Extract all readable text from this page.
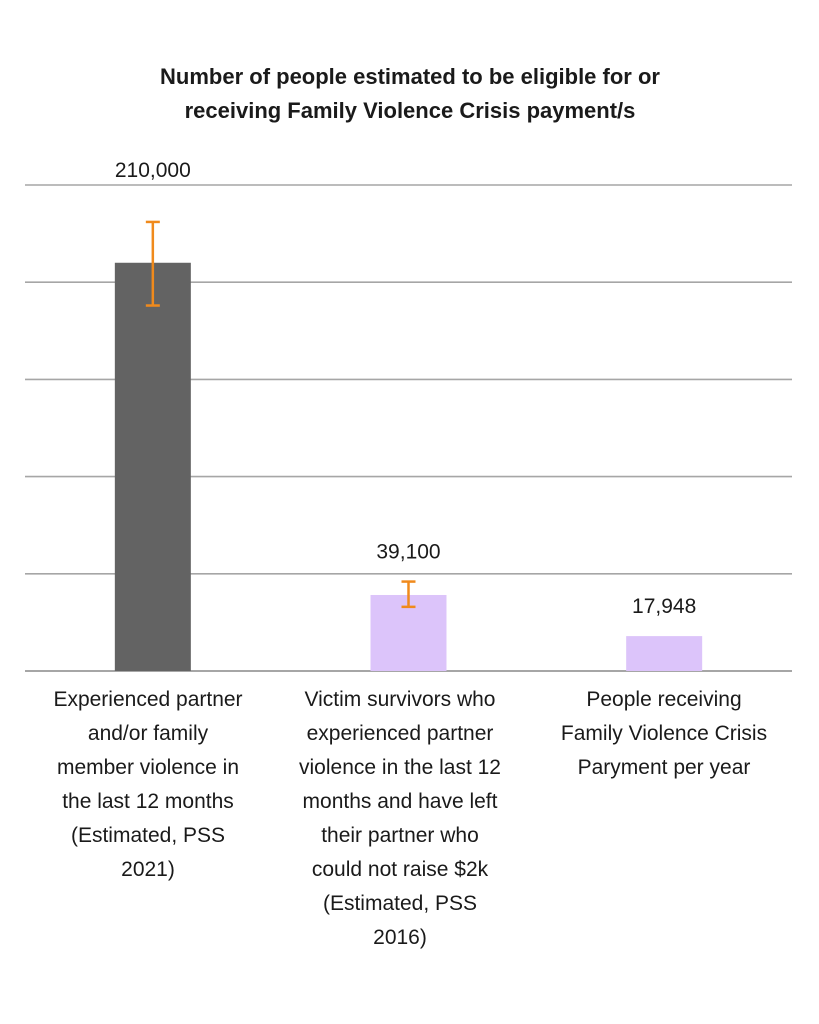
Number of people estimated to be eligible for or
receiving Family Violence Crisis payment/s
210,000
39,100
17,948
Experienced partner
and/or family
member violence in
the last 12 months
(Estimated, PSS
2021)
Victim survivors who
experienced partner
violence in the last 12
months and have left
their partner who
could not raise $2k
(Estimated, PSS
2016)
People receiving
Family Violence Crisis
Paryment per year
